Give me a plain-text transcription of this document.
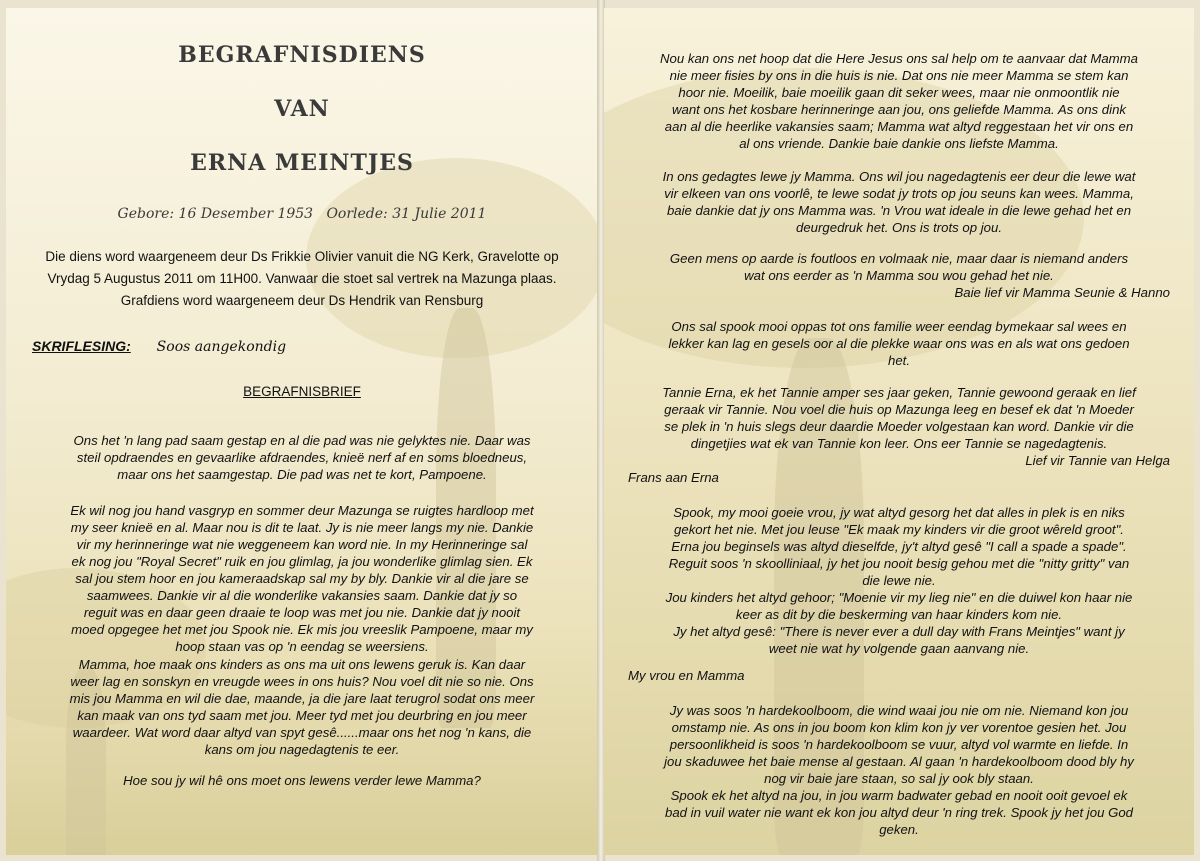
BEGRAFNISDIENS
VAN
ERNA MEINTJES
Gebore: 16 Desember 1953   Oorlede: 31 Julie 2011

Die diens word waargeneem deur Ds Frikkie Olivier vanuit die NG Kerk, Gravelotte op

Vrydag 5 Augustus 2011 om 11H00. Vanwaar die stoet sal vertrek na Mazunga plaas.

Grafdiens word waargeneem deur Ds Hendrik van Rensburg

SKRIFLESING: Soos aangekondig
BEGRAFNISBRIEF
Ons het 'n lang pad saam gestap en al die pad was nie gelyktes nie. Daar was
steil opdraendes en gevaarlike afdraendes, knieë nerf af en soms bloedneus,
maar ons het saamgestap. Die pad was net te kort, Pampoene.
Ek wil nog jou hand vasgryp en sommer deur Mazunga se ruigtes hardloop met
my seer knieë en al. Maar nou is dit te laat. Jy is nie meer langs my nie. Dankie
vir my herinneringe wat nie weggeneem kan word nie. In my Herinneringe sal
ek nog jou "Royal Secret" ruik en jou glimlag, ja jou wonderlike glimlag sien. Ek
sal jou stem hoor en jou kameraadskap sal my by bly. Dankie vir al die jare se
saamwees. Dankie vir al die wonderlike vakansies saam. Dankie dat jy so
reguit was en daar geen draaie te loop was met jou nie. Dankie dat jy nooit
moed opgegee het met jou Spook nie. Ek mis jou vreeslik Pampoene, maar my
hoop staan vas op 'n eendag se weersiens.
Mamma, hoe maak ons kinders as ons ma uit ons lewens geruk is. Kan daar
weer lag en sonskyn en vreugde wees in ons huis? Nou voel dit nie so nie. Ons
mis jou Mamma en wil die dae, maande, ja die jare laat terugrol sodat ons meer
kan maak van ons tyd saam met jou. Meer tyd met jou deurbring en jou meer
waardeer. Wat word daar altyd van spyt gesê......maar ons het nog 'n kans, die
kans om jou nagedagtenis te eer.
Hoe sou jy wil hê ons moet ons lewens verder lewe Mamma?
Nou kan ons net hoop dat die Here Jesus ons sal help om te aanvaar dat Mamma
nie meer fisies by ons in die huis is nie. Dat ons nie meer Mamma se stem kan
hoor nie. Moeilik, baie moeilik gaan dit seker wees, maar nie onmoontlik nie
want ons het kosbare herinneringe aan jou, ons geliefde Mamma. As ons dink
aan al die heerlike vakansies saam; Mamma wat altyd reggestaan het vir ons en
al ons vriende. Dankie baie dankie ons liefste Mamma.
In ons gedagtes lewe jy Mamma. Ons wil jou nagedagtenis eer deur die lewe wat
vir elkeen van ons voorlê, te lewe sodat jy trots op jou seuns kan wees. Mamma,
baie dankie dat jy ons Mamma was. 'n Vrou wat ideale in die lewe gehad het en
deurgedruk het. Ons is trots op jou.
Geen mens op aarde is foutloos en volmaak nie, maar daar is niemand anders
wat ons eerder as 'n Mamma sou wou gehad het nie.
Baie lief vir Mamma Seunie & Hanno
Ons sal spook mooi oppas tot ons familie weer eendag bymekaar sal wees en
lekker kan lag en gesels oor al die plekke waar ons was en als wat ons gedoen
het.
Tannie Erna, ek het Tannie amper ses jaar geken, Tannie gewoond geraak en lief
geraak vir Tannie. Nou voel die huis op Mazunga leeg en besef ek dat 'n Moeder
se plek in 'n huis slegs deur daardie Moeder volgestaan kan word. Dankie vir die
dingetjies wat ek van Tannie kon leer. Ons eer Tannie se nagedagtenis.
Lief vir Tannie van Helga
Frans aan Erna
Spook, my mooi goeie vrou, jy wat altyd gesorg het dat alles in plek is en niks
gekort het nie. Met jou leuse "Ek maak my kinders vir die groot wêreld groot".
Erna jou beginsels was altyd dieselfde, jy't altyd gesê "I call a spade a spade".
Reguit soos 'n skoolliniaal, jy het jou nooit besig gehou met die "nitty gritty" van
die lewe nie.
Jou kinders het altyd gehoor; "Moenie vir my lieg nie" en die duiwel kon haar nie
keer as dit by die beskerming van haar kinders kom nie.
Jy het altyd gesê: "There is never ever a dull day with Frans Meintjes" want jy
weet nie wat hy volgende gaan aanvang nie.
My vrou en Mamma
Jy was soos 'n hardekoolboom, die wind waai jou nie om nie. Niemand kon jou
omstamp nie. As ons in jou boom kon klim kon jy ver vorentoe gesien het. Jou
persoonlikheid is soos 'n hardekoolboom se vuur, altyd vol warmte en liefde. In
jou skaduwee het baie mense al gestaan. Al gaan 'n hardekoolboom dood bly hy
nog vir baie jare staan, so sal jy ook bly staan.
Spook ek het altyd na jou, in jou warm badwater gebad en nooit ooit gevoel ek
bad in vuil water nie want ek kon jou altyd deur 'n ring trek. Spook jy het jou God
geken.
